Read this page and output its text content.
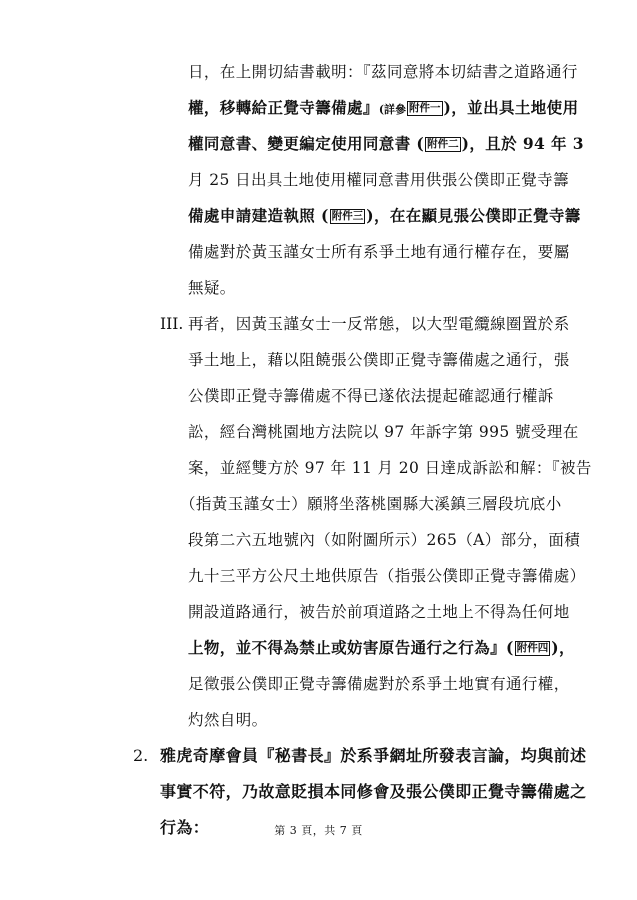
日，在上開切結書載明：『茲同意將本切結書之道路通行
權，移轉給正覺寺籌備處』(詳參 附件一 )，並出具土地使用
權同意書、變更編定使用同意書 ( 附件二 )，且於 94 年 3
月 25 日出具土地使用權同意書用供張公僕即正覺寺籌
備處申請建造執照 ( 附件三 )，在在顯見張公僕即正覺寺籌
備處對於黃玉謹女士所有系爭土地有通行權存在，要屬
無疑。
III. 再者，因黃玉謹女士一反常態，以大型電纜線圈置於系
爭土地上，藉以阻饒張公僕即正覺寺籌備處之通行，張
公僕即正覺寺籌備處不得已遂依法提起確認通行權訴
訟，經台灣桃園地方法院以 97 年訴字第 995 號受理在
案，並經雙方於 97 年 11 月 20 日達成訴訟和解：『被告
（指黃玉謹女士）願將坐落桃園縣大溪鎮三層段坑底小
段第二六五地號內（如附圖所示）265（A）部分，面積
九十三平方公尺土地供原告（指張公僕即正覺寺籌備處）
開設道路通行，被告於前項道路之土地上不得為任何地
上物，並不得為禁止或妨害原告通行之行為』( 附件四 )，
足徵張公僕即正覺寺籌備處對於系爭土地實有通行權，
灼然自明。
2. 雅虎奇摩會員『秘書長』於系爭網址所發表言論，均與前述
事實不符，乃故意貶損本同修會及張公僕即正覺寺籌備處之
行為：	第 3 頁，共 7 頁
